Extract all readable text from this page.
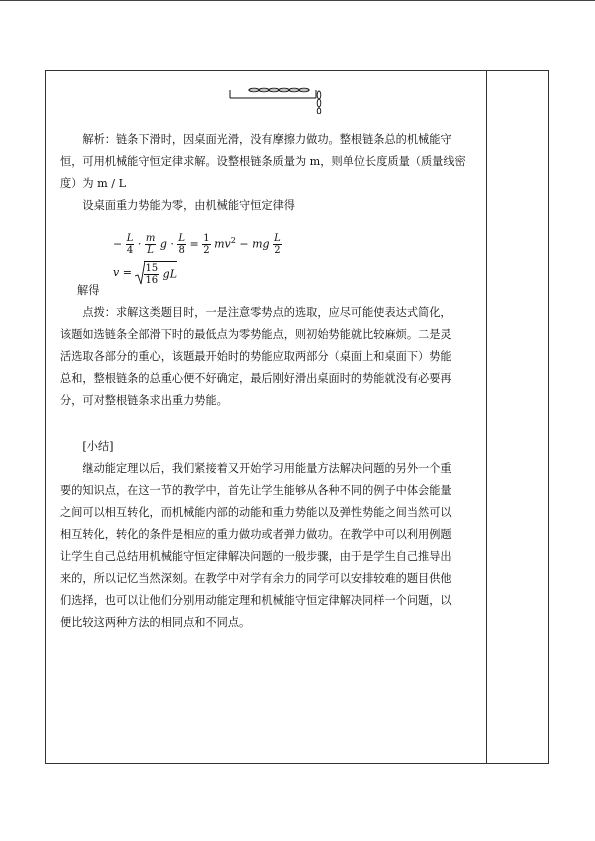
解析：链条下滑时，因桌面光滑，没有摩擦力做功。整根链条总的机械能守

恒，可用机械能守恒定律求解。设整根链条质量为 m，则单位长度质量（质量线密

度）为 m / L

设桌面重力势能为零，由机械能守恒定律得

− $\frac{L}{4} \cdot \frac{m}{L}$ $g \cdot \frac{L}{8} = \frac{1}{2} mv^2$ − mg $\frac{L}{2}$
解得
$v = \frac{15}{16}$ gL

点拨：求解这类题目时，一是注意零势点的选取，应尽可能使表达式简化，

该题如选链条全部滑下时的最低点为零势能点，则初始势能就比较麻烦。二是灵

活选取各部分的重心，该题最开始时的势能应取两部分（桌面上和桌面下）势能

总和，整根链条的总重心便不好确定，最后刚好滑出桌面时的势能就没有必要再

分，可对整根链条求出重力势能。

[小结]

继动能定理以后，我们紧接着又开始学习用能量方法解决问题的另外一个重

要的知识点，在这一节的教学中，首先让学生能够从各种不同的例子中体会能量

之间可以相互转化，而机械能内部的动能和重力势能以及弹性势能之间当然可以

相互转化，转化的条件是相应的重力做功或者弹力做功。在教学中可以利用例题

让学生自己总结用机械能守恒定律解决问题的一般步骤，由于是学生自己推导出

来的，所以记忆当然深刻。在教学中对学有余力的同学可以安排较难的题目供他

们选择，也可以让他们分别用动能定理和机械能守恒定律解决同样一个问题，以

便比较这两种方法的相同点和不同点。
